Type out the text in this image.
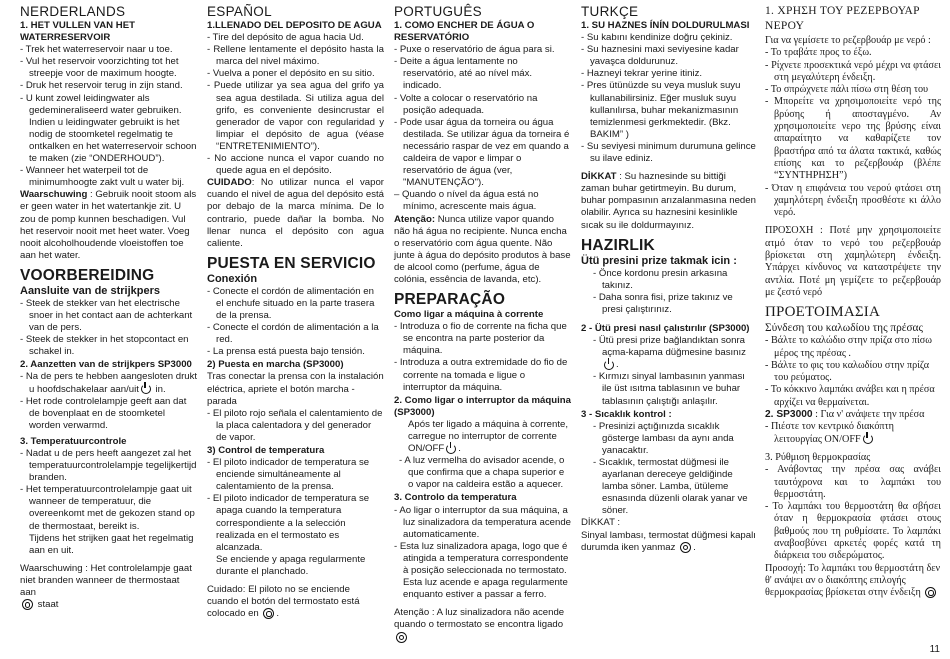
NERDERLANDS

1. HET VULLEN VAN HET WATERRESERVOIR

- Trek het waterreservoir naar u toe.
- Vul het reservoir voorzichting tot het streepje voor de maximum hoogte.
- Druk het reservoir terug in zijn stand.
- U kunt zowel leidingwater als gedemineraliseerd water gebruiken. Indien u leidingwater gebruikt is het nodig de stoomketel regelmatig te ontkalken en het waterreservoir schoon te maken (zie “ONDERHOUD”).
- Wanneer het waterpeil tot de minimumhoogte zakt vult u water bij.

Waarschuwing : Gebruik nooit stoom als er geen water in het watertankje zit. U zou de pomp kunnen beschadigen. Vul het reservoir nooit met heet water. Voeg nooit alcoholhoudende vloeistoffen toe aan het water.

VOORBEREIDING

Aansluite van de strijkpers

- Steek de stekker van het electrische snoer in het contact aan de achterkant van de pers.
- Steek de stekker in het stopcontact en schakel in.

2. Aanzetten van de strijkpers SP3000

- Na de pers te hebben aangesloten drukt u hoofdschakelaar aan/uit in.
- Het rode controlelampje geeft aan dat de bovenplaat en de stoomketel worden verwarmd.

3. Temperatuurcontrole

- Nadat u de pers heeft aangezet zal het temperatuurcontrolelampje tegelijkertijd branden.
- Het temperatuurcontrolelampje gaat uit wanneer de temperatuur, die overeenkomt met de gekozen stand op de thermostaat, bereikt is.

Tijdens het strijken gaat het regelmatig aan en uit.

Waarschuwing : Het controlelampje gaat niet branden wanneer de thermostaat aan
staat

ESPAÑOL

1.LLENADO DEL DEPOSITO DE AGUA

- Tire del depósito de agua hacia Ud.
- Rellene lentamente el depósito hasta la marca del nivel máximo.
- Vuelva a poner el depósito en su sitio.
- Puede utilizar ya sea agua del grifo ya sea agua destilada. Si utiliza agua del grifo, es conveniente desincrustar el generador de vapor con regularidad y limpiar el depósito de agua (véase “ENTRETENIMIENTO”).
- No accione nunca el vapor cuando no quede agua en el depósito.

CUIDADO: No utilizar nunca el vapor cuando el nivel de agua del depósito está por debajo de la marca mínima. De lo contrario, puede dañar la bomba. No llenar nunca el depósito con agua caliente.

PUESTA EN SERVICIO

Conexión

- Conecte el cordón de alimentación en el enchufe situado en la parte trasera de la prensa.
- Conecte el cordón de alimentación a la red.
- La prensa está puesta bajo tensión.

2) Puesta en marcha (SP3000)

Tras conectar la prensa con la instalación eléctrica, apriete el botón marcha - parada

- El piloto rojo señala el calentamiento de la placa calentadora y del generador de vapor.

3) Control de temperatura

- El piloto indicador de temperatura se enciende simultáneamente al calentamiento de la prensa.
- El piloto indicador de temperatura se apaga cuando la temperatura correspondiente a la selección realizada en el termostato es alcanzada.

Se enciende y apaga regularmente durante el planchado.

Cuidado: El piloto no se enciende cuando el botón del termostato está colocado en .

PORTUGUÊS

1. COMO ENCHER DE ÁGUA O RESERVATÓRIO

- Puxe o reservatório de água para si.
- Deite a água lentamente no reservatório, até ao nível máx. indicado.
- Volte a colocar o reservatório na posição adequada.
- Pode usar água da torneira ou água destilada. Se utilizar água da torneira é necessário raspar de vez em quando a caldeira de vapor e limpar o reservatório de água (ver, "MANUTENÇÃO").
– Quando o nível da água está no mínimo, acrescente mais água.

Atenção: Nunca utilize vapor quando não há água no recipiente. Nunca encha o reservatório com água quente. Não junte à água do depósito produtos à base de alcool como (perfume, água de colónia, essência de lavanda, etc).

PREPARAÇÃO

Como ligar a máquina à corrente

- Introduza o fio de corrente na ficha que se encontra na parte posterior da máquina.
- Introduza a outra extremidade do fio de corrente na tomada e ligue o interruptor da máquina.

2. Como ligar o interruptor da máquina (SP3000)

Após ter ligado a máquina à corrente, carregue no interruptor de corrente ON/OFF .

- A luz vermelha do avisador acende, o que confirma que a chapa superior e o vapor na caldeira estão a aquecer.

3. Controlo da temperatura

- Ao ligar o interruptor da sua máquina, a luz sinalizadora da temperatura acende automaticamente.
- Esta luz sinalizadora apaga, logo que é atingida a temperatura correspondente à posição seleccionada no termostato.

Esta luz acende e apaga regularmente enquanto estiver a passar a ferro.

Atenção : A luz sinalizadora não acende quando o termostato se encontra ligado

TURKÇE

1. SU HAZNES ÍNÍN DOLDURULMASI

- Su kabını kendinize doğru çekiniz.
- Su haznesini maxi seviyesine kadar yavaşca doldurunuz.
- Hazneyi tekrar yerine itiniz.
- Pres ütünüzde su veya musluk suyu kullanabilirsiniz. Eğer musluk suyu kullanılırsa, buhar mekanizmasının temizlenmesi gerkmektedir. (Bkz. BAKIM” )
- Su seviyesi minimum durumuna gelince su ilave ediniz.

DİKKAT : Su haznesinde su bittiği zaman buhar getirtmeyin. Bu durum, buhar pompasının arızalanmasına neden olabilir. Ayrıca su haznesini kesinlikle sıcak su ile doldurmayınız.

HAZIRLIK

Ütü presini prize takmak icin :

- Önce kordonu presin arkasına takınız.
- Daha sonra fisi, prize takınız ve presi çalıştırınız.

2 - Ütü presi nasıl çalıstırılır (SP3000)

- Ütü presi prize bağlandıktan sonra açma-kapama düğmesine basınız.
- Kırmızı sinyal lambasının yanması ile üst ısıtma tablasının ve buhar tablasının çalıştığı anlaşılır.

3 - Sıcaklık kontrol :

- Presinizi açtığınızda sıcaklık gösterge lambası da aynı anda yanacaktır.
- Sıcaklık, termostat düğmesi ile ayarlanan dereceye geldiğinde lamba söner. Lamba, ütüleme esnasında düzenli olarak yanar ve söner.

DİKKAT :

Sinyal lambası, termostat düğmesi kapalı durumda iken yanmaz .

1. ΧΡΗΣΗ ΤΟΥ ΡΕΖΕΡΒΟΥΑΡ ΝΕΡΟΥ

Για να γεμίσετε το ρεζερβουάρ με νερό :

- Το τραβάτε προς το έξω.
- Ρίχνετε προσεκτικά νερό μέχρι να φτάσει στη μεγαλύτερη ένδειξη.
- Το σπρώχνετε πάλι πίσω στη θέση του
- Μπορείτε να χρησιμοποιείτε νερό της βρύσης ή αποσταγμένο. Αν χρησιμοποιείτε νερο της βρύσης είναι απαραίτητο να καθαρίζετε τον βραστήρα από τα άλατα τακτικά, καθώς επίσης και το ρεζερβουάρ (βλέπε “ΣΥΝΤΗΡΗΣΗ”)
- Όταν η επιφάνεια του νερού φτάσει στη χαμηλότερη ένδειξη προσθέστε κι άλλο νερό.

ΠΡΟΣΟΧΗ : Ποτέ μην χρησιμοποιείτε ατμό όταν το νερό του ρεζερβουάρ βρίσκεται στη χαμηλώτερη ένδειξη. Υπάρχει κίνδυνος να καταστρέψετε την αντλία. Ποτέ μη γεμίζετε το ρεζερβουάρ με ζεστό νερό

ΠΡΟΕΤΟΙΜΑΣΙΑ

Σύνδεση του καλωδίου της πρέσας

- Βάλτε το καλώδιο στην πρίζα στο πίσω μέρος της πρέσας .
- Βάλτε το φις του καλωδίου στην πρίζα του ρεύματος.
- Το κόκκινο λαμπάκι ανάβει και η πρέσα αρχίζει να θερμαίνεται.

2. SP3000 : Για ν' ανάψετε την πρέσα

- Πιέστε τον κεντρικό διακόπτη λειτουργίας ON/OFF

3. Ρύθμιση θερμοκρασίας

- Ανάβοντας την πρέσα σας ανάβει ταυτόχρονα και το λαμπάκι του θερμοστάτη.
- Το λαμπάκι του θερμοστάτη θα σβήσει όταν η θερμοκρασία φτάσει στους βαθμούς που τη ρυθμίσατε. Το λαμπάκι αναβοσβύνει αρκετές φορές κατά τη διάρκεια του σιδερώματος.

Προσοχή: Το λαμπάκι του θερμοστάτη δεν θ' ανάψει αν ο διακόπτης επιλογής θερμοκρασίας βρίσκεται στην ένδειξη

11
